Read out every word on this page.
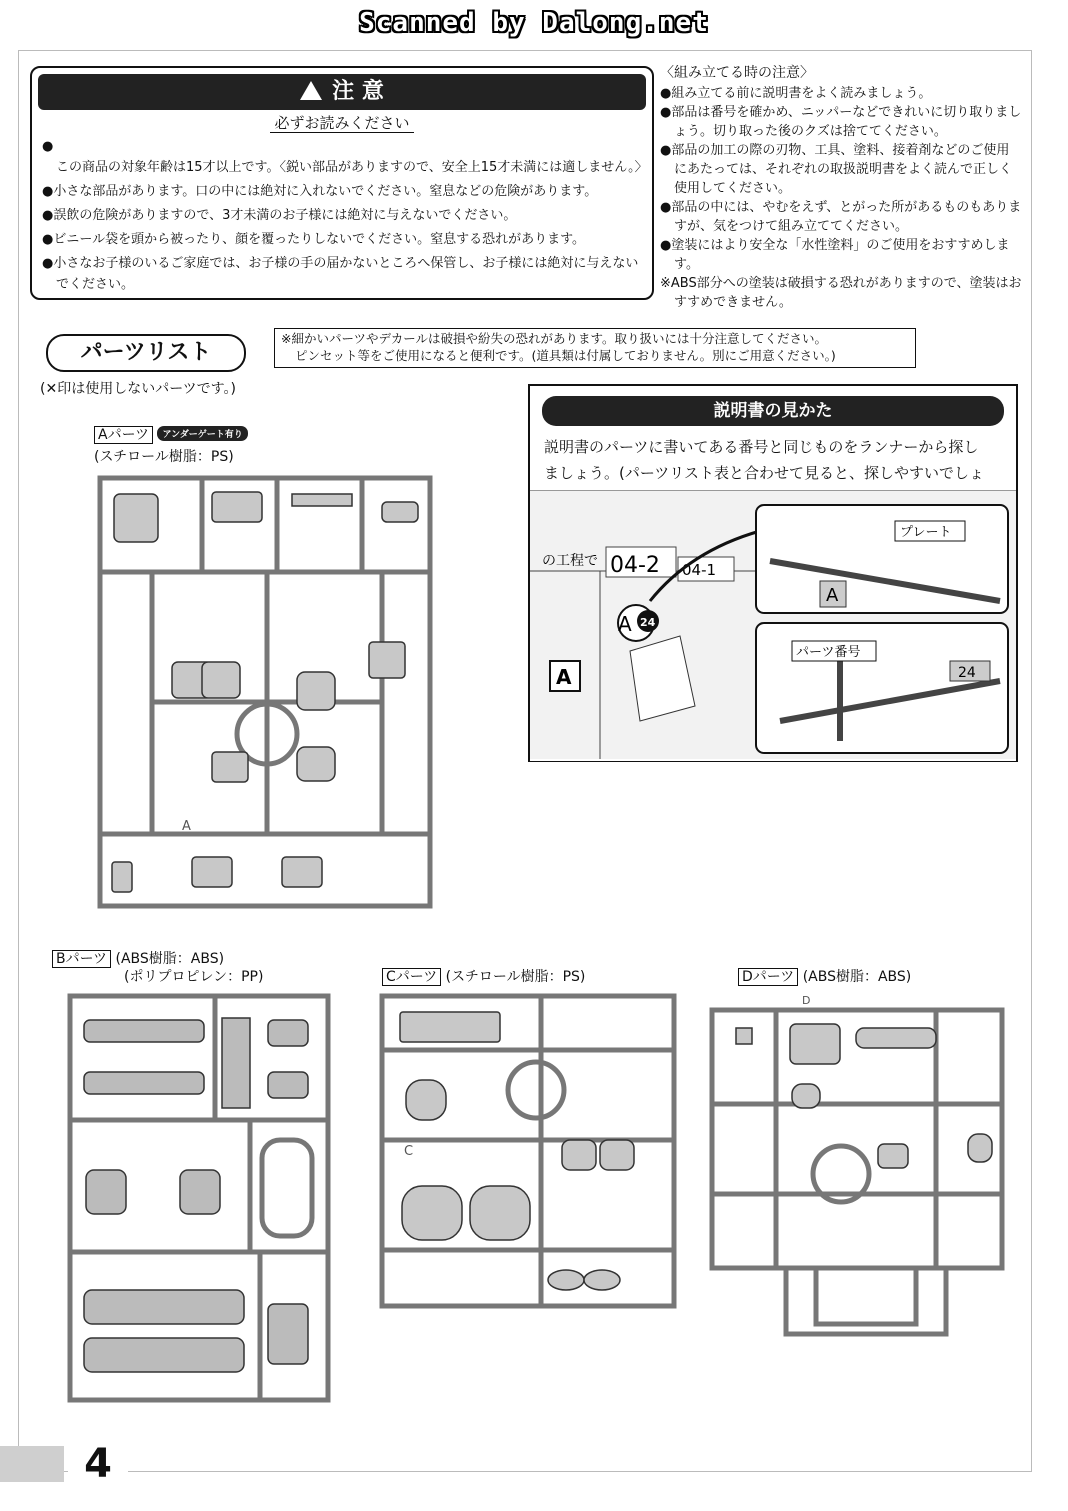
Scanned by Dalong.net
注 意
必ずお読みください
● この商品の対象年齢は15才以上です。〈鋭い部品がありますので、安全上15才未満には適しません。〉
● 小さな部品があります。口の中には絶対に入れないでください。窒息などの危険があります。
● 誤飲の危険がありますので、3才未満のお子様には絶対に与えないでください。
● ビニール袋を頭から被ったり、顔を覆ったりしないでください。窒息する恐れがあります。
● 小さなお子様のいるご家庭では、お子様の手の届かないところへ保管し、お子様には絶対に与えないでください。
〈組み立てる時の注意〉

●組み立てる前に説明書をよく読みましょう。

●部品は番号を確かめ、ニッパーなどできれいに切り取りましょう。切り取った後のクズは捨ててください。

●部品の加工の際の刃物、工具、塗料、接着剤などのご使用にあたっては、それぞれの取扱説明書をよく読んで正しく使用してください。

●部品の中には、やむをえず、とがった所があるものもありますが、気をつけて組み立ててください。

●塗装にはより安全な「水性塗料」のご使用をおすすめします。

※ABS部分への塗装は破損する恐れがありますので、塗装はおすすめできません。

パーツリスト
※細かいパーツやデカールは破損や紛失の恐れがあります。取り扱いには十分注意してください。
ピンセット等をご使用になると便利です。(道具類は付属しておりません。別にご用意ください。)
(✕印は使用しないパーツです。)
Aパーツ アンダーゲート有り
(スチロール樹脂：PS)
A
説明書の見かた
説明書のパーツに書いてある番号と同じものをランナーから探し
ましょう。(パーツリスト表と合わせて見ると、探しやすいでしょ
の工程で 04-2 04-1
A 24
A
A
24
プレート
パーツ番号
Bパーツ (ABS樹脂：ABS)
(ポリプロピレン：PP)	Cパーツ (スチロール樹脂：PS)
C
Dパーツ (ABS樹脂：ABS)
D
4
